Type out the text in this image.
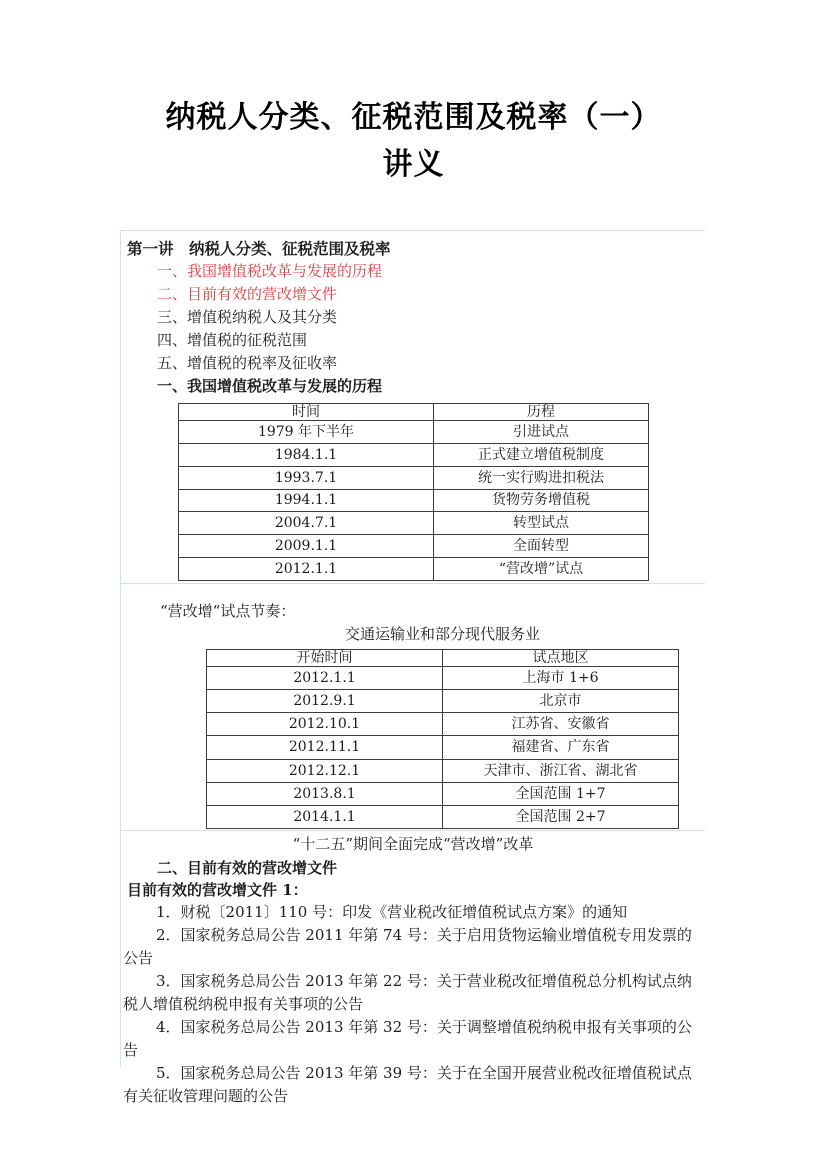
纳税人分类、征税范围及税率（一）
讲义
第一讲　纳税人分类、征税范围及税率
一、我国增值税改革与发展的历程
二、目前有效的营改增文件
三、增值税纳税人及其分类
四、增值税的征税范围
五、增值税的税率及征收率
一、我国增值税改革与发展的历程
时间	历程
1979 年下半年	引进试点
1984.1.1	正式建立增值税制度
1993.7.1	统一实行购进扣税法
1994.1.1	货物劳务增值税
2004.7.1	转型试点
2009.1.1	全面转型
2012.1.1	“营改增”试点
“营改增“试点节奏：
交通运输业和部分现代服务业
开始时间	试点地区
2012.1.1	上海市 1+6
2012.9.1	北京市
2012.10.1	江苏省、安徽省
2012.11.1	福建省、广东省
2012.12.1	天津市、浙江省、湖北省
2013.8.1	全国范围 1+7
2014.1.1	全国范围 2+7
“十二五”期间全面完成“营改增”改革
二、目前有效的营改增文件
目前有效的营改增文件 1：
1．财税〔2011〕110 号：印发《营业税改征增值税试点方案》的通知
2．国家税务总局公告 2011 年第 74 号：关于启用货物运输业增值税专用发票的公告
3．国家税务总局公告 2013 年第 22 号：关于营业税改征增值税总分机构试点纳税人增值税纳税申报有关事项的公告
4．国家税务总局公告 2013 年第 32 号：关于调整增值税纳税申报有关事项的公告
5．国家税务总局公告 2013 年第 39 号：关于在全国开展营业税改征增值税试点有关征收管理问题的公告
